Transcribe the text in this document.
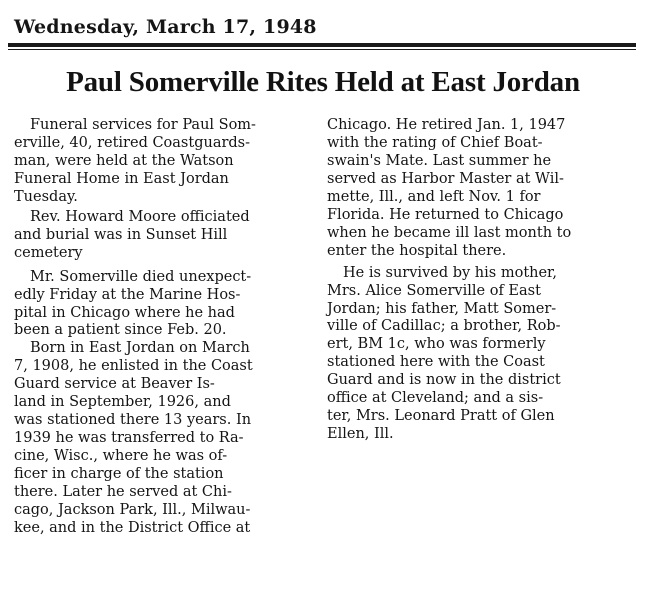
Wednesday, March 17, 1948
Paul Somerville Rites Held at East Jordan
Funeral services for Paul Som-
erville, 40, retired Coastguards-
man, were held at the Watson
Funeral Home in East Jordan
Tuesday.
Rev. Howard Moore officiated
and burial was in Sunset Hill
cemetery
Mr. Somerville died unexpect-
edly Friday at the Marine Hos-
pital in Chicago where he had
been a patient since Feb. 20.
Born in East Jordan on March
7, 1908, he enlisted in the Coast
Guard service at Beaver Is-
land in September, 1926, and
was stationed there 13 years. In
1939 he was transferred to Ra-
cine, Wisc., where he was of-
ficer in charge of the station
there. Later he served at Chi-
cago, Jackson Park, Ill., Milwau-
kee, and in the District Office at
Chicago. He retired Jan. 1, 1947
with the rating of Chief Boat-
swain's Mate. Last summer he
served as Harbor Master at Wil-
mette, Ill., and left Nov. 1 for
Florida. He returned to Chicago
when he became ill last month to
enter the hospital there.
He is survived by his mother,
Mrs. Alice Somerville of East
Jordan; his father, Matt Somer-
ville of Cadillac; a brother, Rob-
ert, BM 1c, who was formerly
stationed here with the Coast
Guard and is now in the district
office at Cleveland; and a sis-
ter, Mrs. Leonard Pratt of Glen
Ellen, Ill.
